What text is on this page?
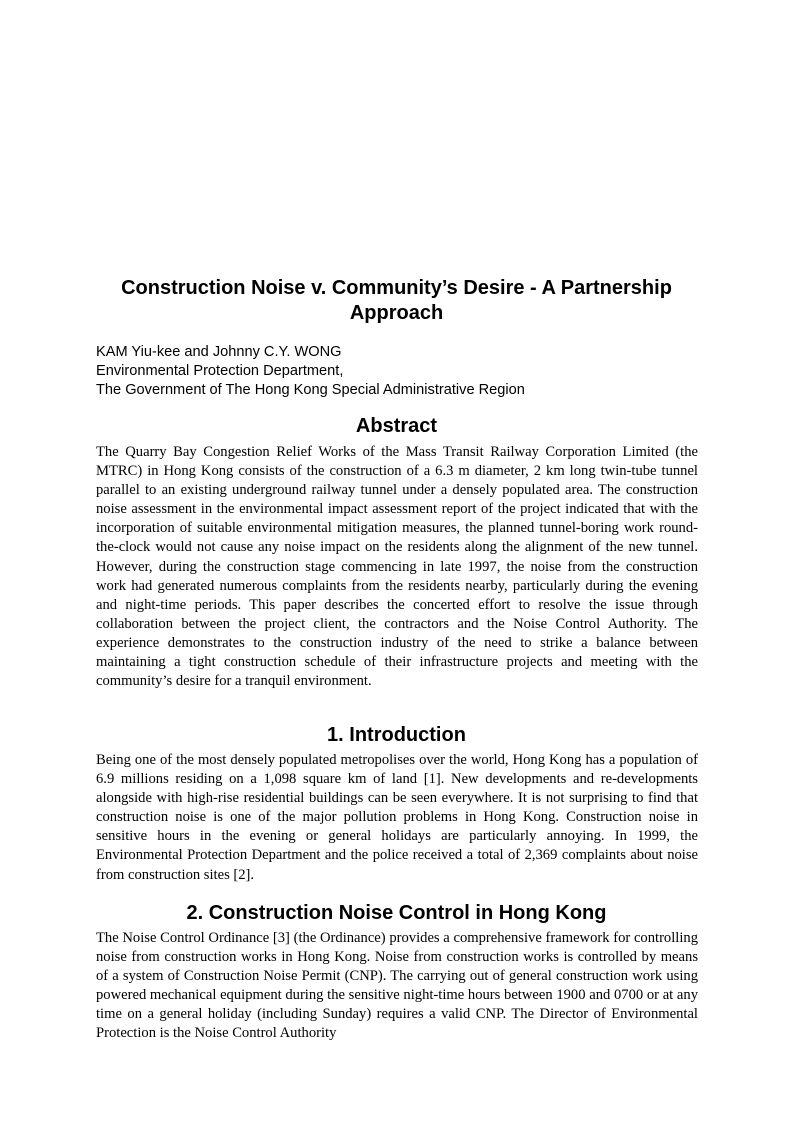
Construction Noise v. Community’s Desire - A Partnership Approach
KAM Yiu-kee and Johnny C.Y. WONG
Environmental Protection Department,
The Government of The Hong Kong Special Administrative Region
Abstract
The Quarry Bay Congestion Relief Works of the Mass Transit Railway Corporation Limited (the MTRC) in Hong Kong consists of the construction of a 6.3 m diameter, 2 km long twin-tube tunnel parallel to an existing underground railway tunnel under a densely populated area. The construction noise assessment in the environmental impact assessment report of the project indicated that with the incorporation of suitable environmental mitigation measures, the planned tunnel-boring work round-the-clock would not cause any noise impact on the residents along the alignment of the new tunnel. However, during the construction stage commencing in late 1997, the noise from the construction work had generated numerous complaints from the residents nearby, particularly during the evening and night-time periods. This paper describes the concerted effort to resolve the issue through collaboration between the project client, the contractors and the Noise Control Authority. The experience demonstrates to the construction industry of the need to strike a balance between maintaining a tight construction schedule of their infrastructure projects and meeting with the community’s desire for a tranquil environment.
1. Introduction
Being one of the most densely populated metropolises over the world, Hong Kong has a population of 6.9 millions residing on a 1,098 square km of land [1]. New developments and re-developments alongside with high-rise residential buildings can be seen everywhere. It is not surprising to find that construction noise is one of the major pollution problems in Hong Kong. Construction noise in sensitive hours in the evening or general holidays are particularly annoying. In 1999, the Environmental Protection Department and the police received a total of 2,369 complaints about noise from construction sites [2].
2. Construction Noise Control in Hong Kong
The Noise Control Ordinance [3] (the Ordinance) provides a comprehensive framework for controlling noise from construction works in Hong Kong. Noise from construction works is controlled by means of a system of Construction Noise Permit (CNP). The carrying out of general construction work using powered mechanical equipment during the sensitive night-time hours between 1900 and 0700 or at any time on a general holiday (including Sunday) requires a valid CNP. The Director of Environmental Protection is the Noise Control Authority
